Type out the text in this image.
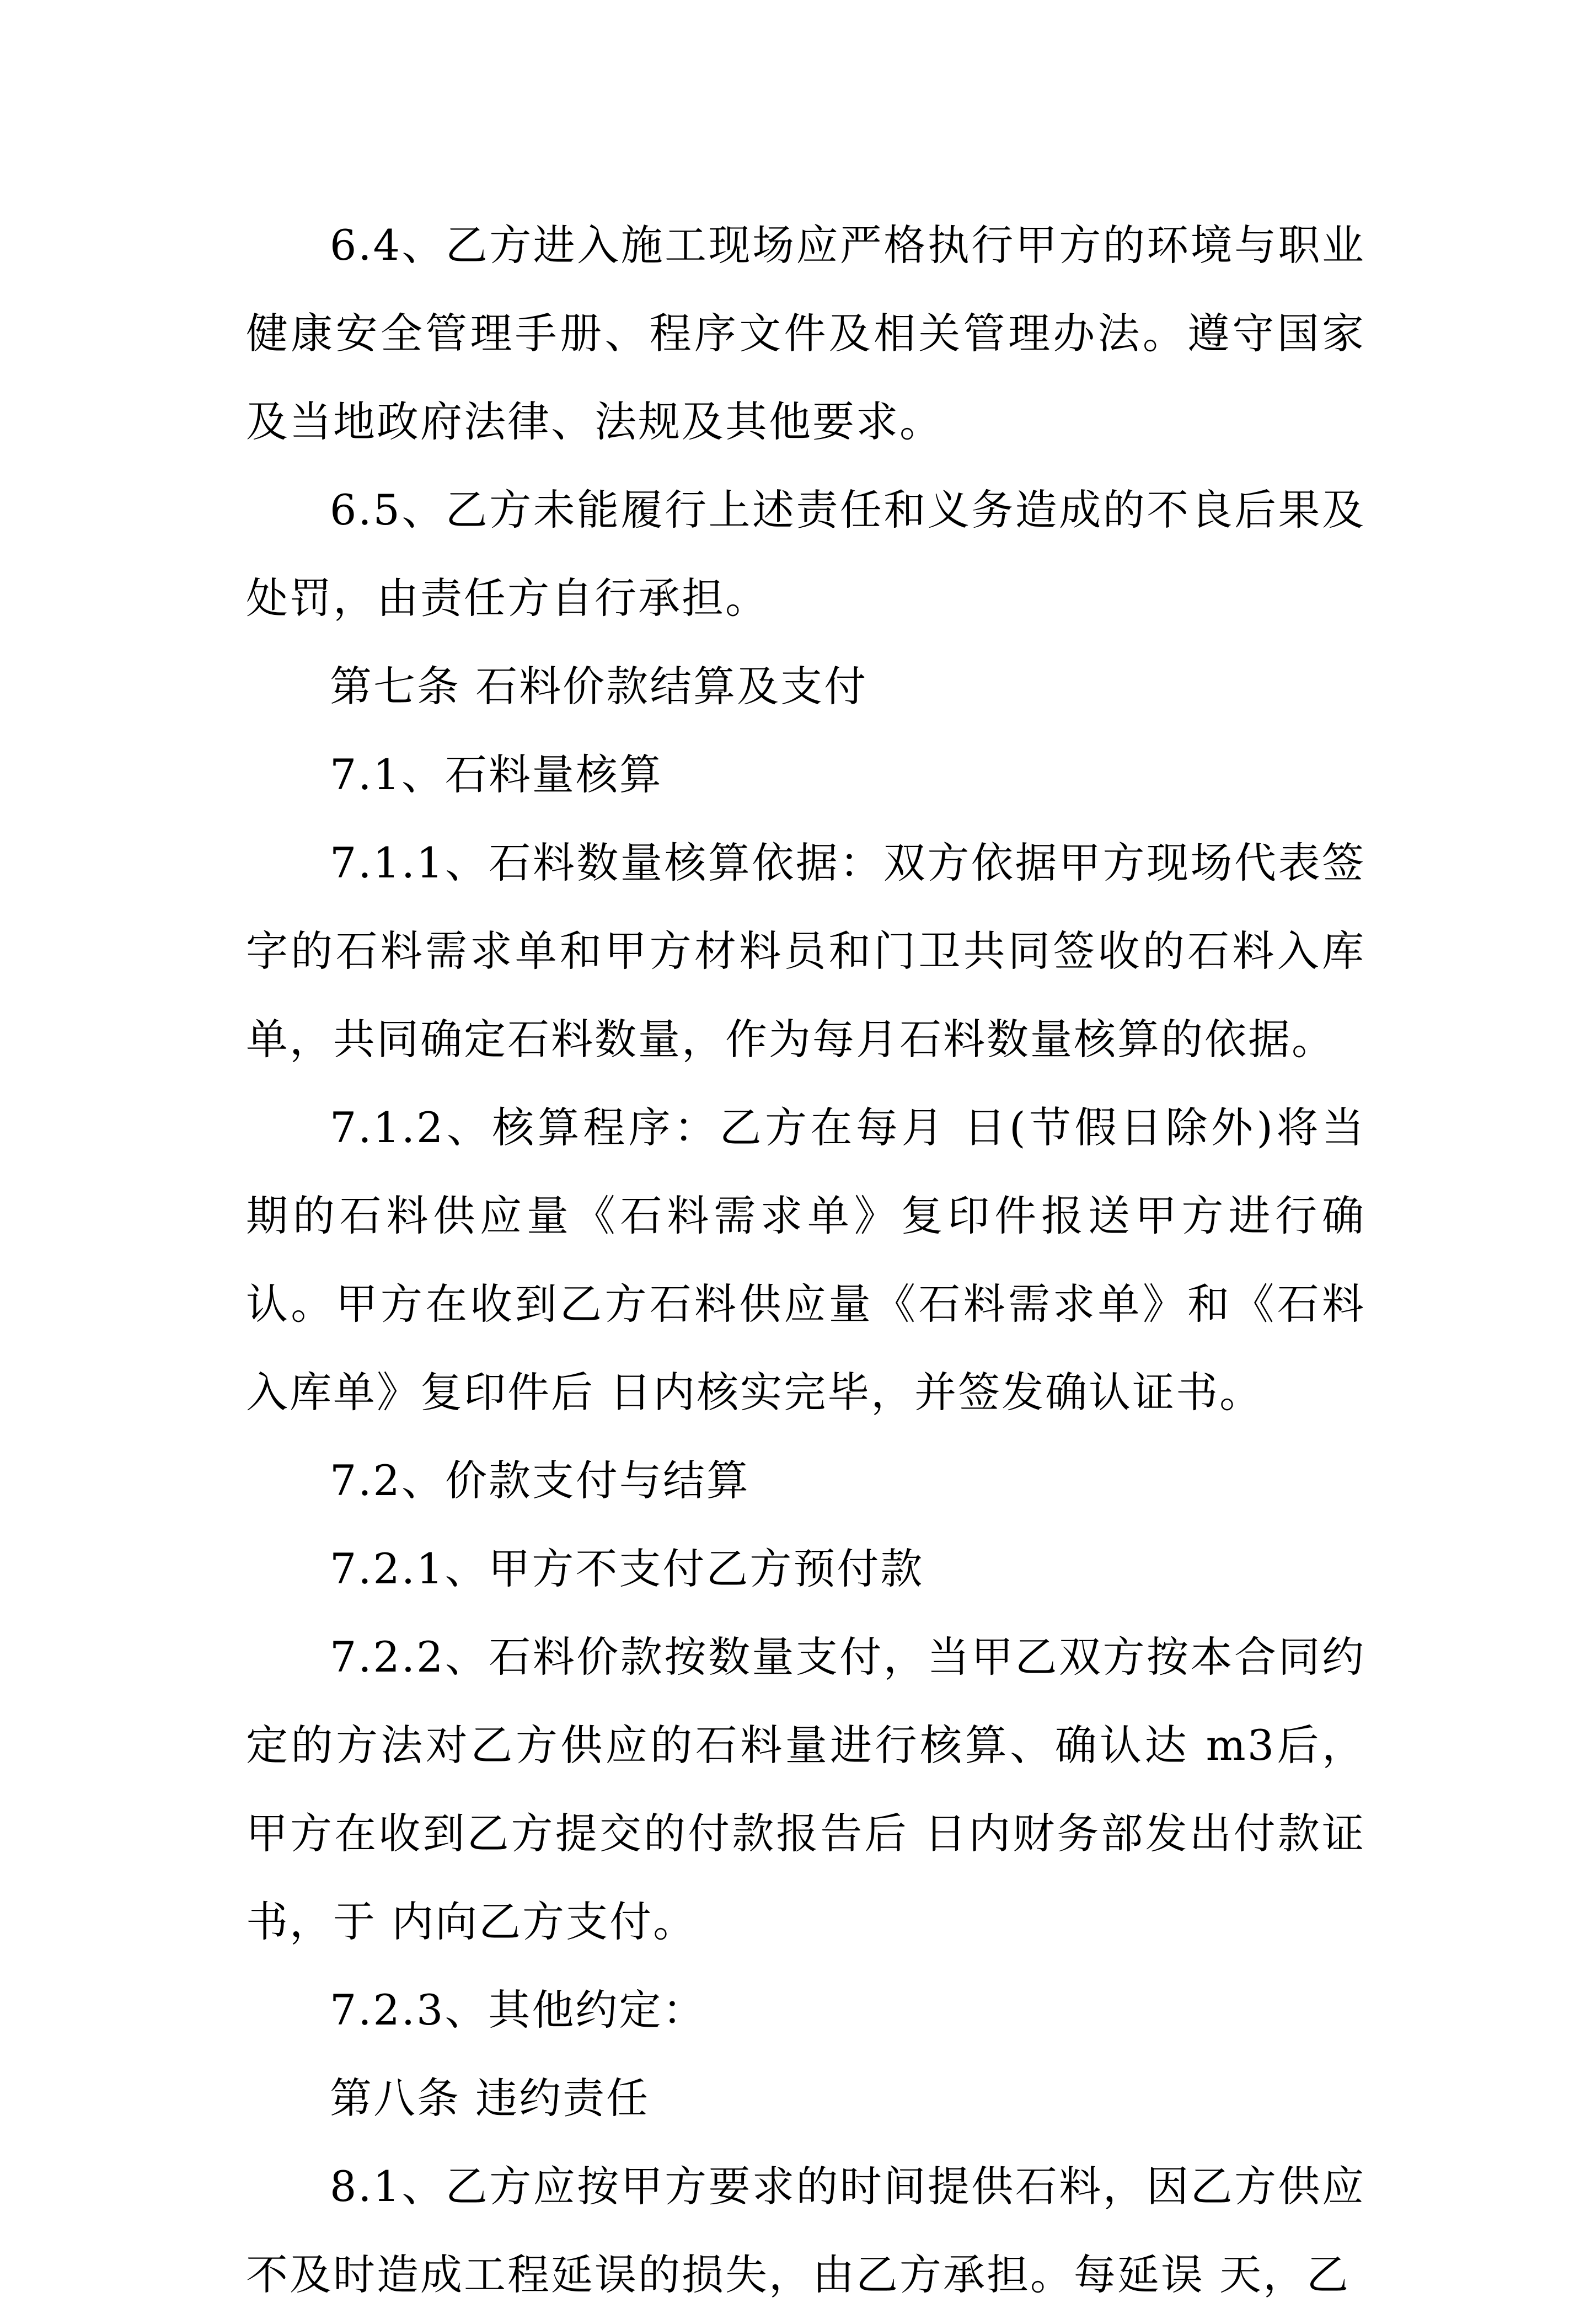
6.4、乙方进入施工现场应严格执行甲方的环境与职业健康安全管理手册、程序文件及相关管理办法。遵守国家及当地政府法律、法规及其他要求。

6.5、乙方未能履行上述责任和义务造成的不良后果及处罚，由责任方自行承担。

第七条 石料价款结算及支付

7.1、石料量核算

7.1.1、石料数量核算依据：双方依据甲方现场代表签字的石料需求单和甲方材料员和门卫共同签收的石料入库单，共同确定石料数量，作为每月石料数量核算的依据。

7.1.2、核算程序：乙方在每月 日(节假日除外)将当期的石料供应量《石料需求单》复印件报送甲方进行确认。甲方在收到乙方石料供应量《石料需求单》和《石料入库单》复印件后 日内核实完毕，并签发确认证书。

7.2、价款支付与结算

7.2.1、甲方不支付乙方预付款

7.2.2、石料价款按数量支付，当甲乙双方按本合同约定的方法对乙方供应的石料量进行核算、确认达 m3后，甲方在收到乙方提交的付款报告后 日内财务部发出付款证书，于 内向乙方支付。

7.2.3、其他约定：

第八条 违约责任

8.1、乙方应按甲方要求的时间提供石料，因乙方供应不及时造成工程延误的损失，由乙方承担。每延误 天，乙
